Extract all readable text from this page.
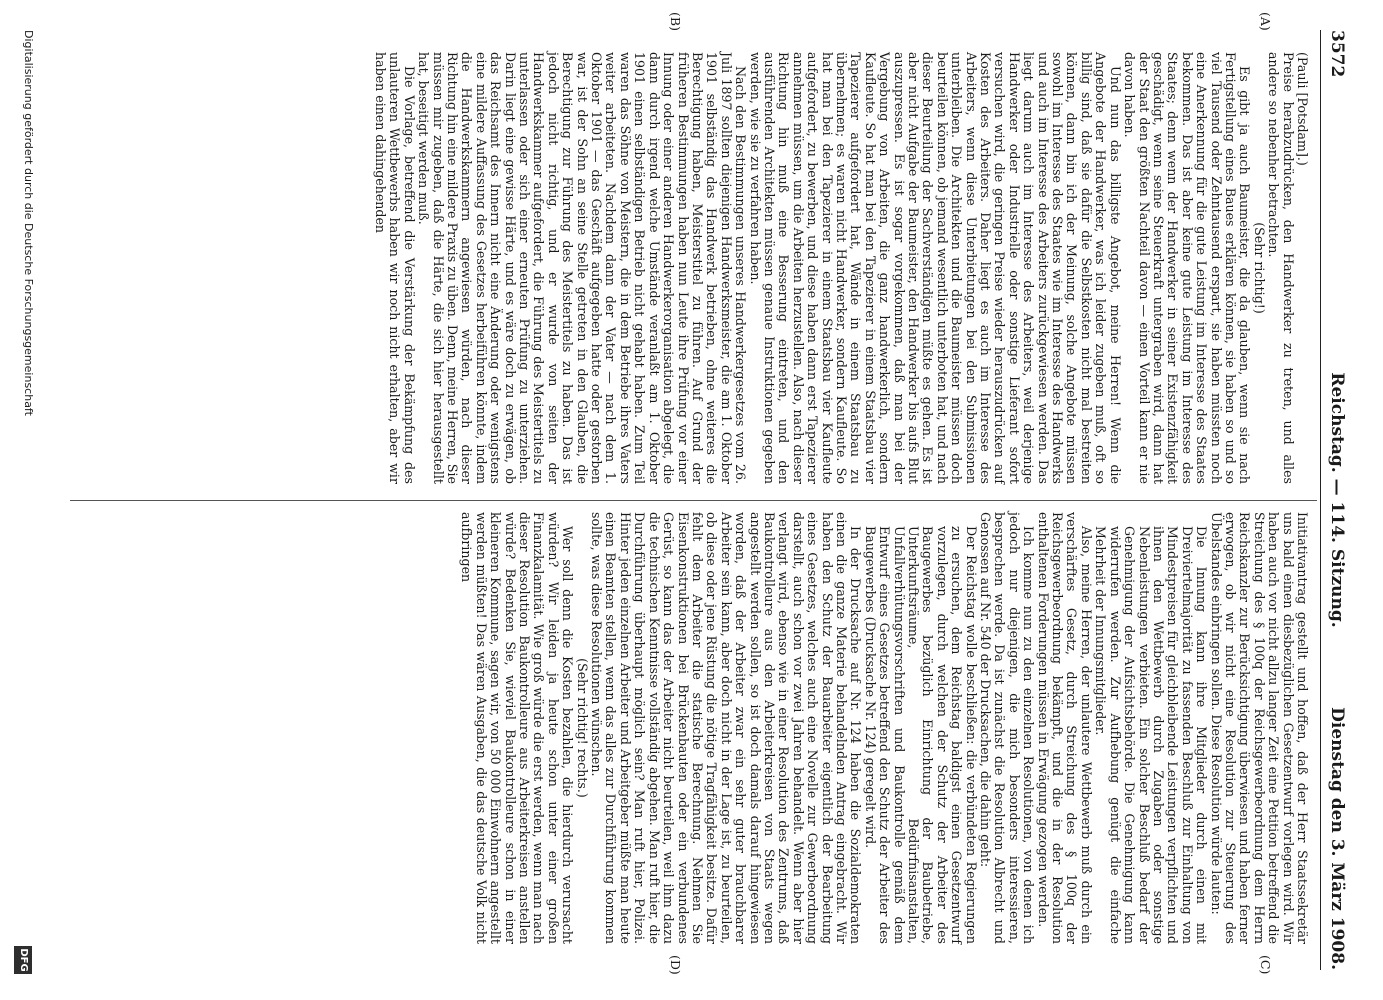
3572
Reichstag. — 114. Sitzung.
Dienstag den 3. März 1908.
(A)
(B)
(C)
(D)

(Pauli [Potsdam].)

Preise herabzudrücken, den Handwerker zu treten, und alles andere so nebenher betrachten.

(Sehr richtig!)

Es gibt ja auch Baumeister, die da glauben, wenn sie nach Fertigstellung eines Baues erklären können, sie haben so und so viel Tausend oder Zehntausend erspart, sie haben müssten noch eine Anerkennung für die gute Leistung im Interesse des Staates bekommen. Das ist aber keine gute Leistung im Interesse des Staates; denn wenn der Handwerker in seiner Existenzfähigkeit geschädigt, wenn seine Steuerkraft untergraben wird, dann hat der Staat den größten Nachteil davon — einen Vorteil kann er nie davon haben.

Und nun das billigste Angebot, meine Herren! Wenn die Angebote der Handwerker, was ich leider zugeben muß, oft so billig sind, daß sie dafür die Selbstkosten nicht mal bestreiten können, dann bin ich der Meinung, solche Angebote müssen sowohl im Interesse des Staates wie im Interesse des Handwerks und auch im Interesse des Arbeiters zurückgewiesen werden. Das liegt darum auch im Interesse des Arbeiters, weil derjenige Handwerker oder Industrielle oder sonstige Lieferant sofort versuchen wird, die geringen Preise wieder herauszudrücken auf Kosten des Arbeiters. Daher liegt es auch im Interesse des Arbeiters, wenn diese Unterbietungen bei den Submissionen unterbleiben. Die Architekten und die Baumeister müssen doch beurteilen können, ob jemand wesentlich unterboten hat, und nach dieser Beurteilung der Sachverständigen müßte es gehen. Es ist aber nicht Aufgabe der Baumeister, den Handwerker bis aufs Blut auszupressen. Es ist sogar vorgekommen, daß man bei der Vergebung von Arbeiten, die ganz handwerkerlich, sondern Kaufleute. So hat man bei den Tapezierer in einem Staatsbau vier Tapezierer aufgefordert hat, Wände in einem Staatsbau zu übernehmen; es waren nicht Handwerker, sondern Kaufleute. So hat man bei den Tapezierer in einem Staatsbau vier Kaufleute aufgefordert, zu bewerben, und diese haben dann erst Tapezierer annehmen müssen, um die Arbeiten herzustellen. Also, nach dieser Richtung hin muß eine Besserung eintreten, und den ausführenden Architekten müssen genaue Instruktionen gegeben werden, wie sie zu verfahren haben.

Nach den Bestimmungen unseres Handwerkergesetzes vom 26. Juli 1897 sollten diejenigen Handwerksmeister, die am 1. Oktober 1901 selbständig das Handwerk betrieben, ohne weiteres die Berechtigung haben, Meisterstitel zu führen. Auf Grund der früheren Bestimmungen haben nun Leute ihre Prüfung vor einer Innung oder einer anderen Handwerkerorganisation abgelegt, die dann durch irgend welche Umstände veranlaßt am 1. Oktober 1901 einen selbständigen Betrieb nicht gehabt haben. Zum Teil waren das Söhne von Meistern, die in dem Betriebe ihres Vaters weiter arbeiteten. Nachdem dann der Vater — nach dem 1. Oktober 1901 — das Geschäft aufgegeben hatte oder gestorben war, ist der Sohn an seine Stelle getreten in den Glauben, die Berechtigung zur Führung des Meistertitels zu haben. Das ist jedoch nicht richtig, und er wurde von seiten der Handwerkskammer aufgefordert, die Führung des Meistertitels zu unterlassen oder sich einer erneuten Prüfung zu unterziehen. Darin liegt eine gewisse Härte, und es wäre doch zu erwägen, ob das Reichsamt des Innern nicht eine Änderung oder wenigstens eine mildere Auffassung des Gesetzes herbeiführen könnte, indem die Handwerkskammern angewiesen würden, nach dieser Richtung hin eine mildere Praxis zu üben. Denn, meine Herren, Sie müssen mir zugeben, daß die Härte, die sich hier herausgestellt hat, beseitigt werden muß.

Die Vorlage, betreffend die Verstärkung der Bekämpfung des unlauteren Wettbewerbs haben wir noch nicht erhalten, aber wir haben einen dahingehenden

Initiativantrag gestellt und hoffen, daß der Herr Staatssekretär uns bald einen diesbezüglichen Gesetzentwurf vorlegen wird. Wir haben auch vor nicht allzu langer Zeit eine Petition betreffend die Streichung des § 100q der Reichsgewerbeordnung dem Herrn Reichskanzler zur Berücksichtigung überwiesen und haben ferner erwogen, ob wir nicht eine Resolution zur Steuerung des Übelstandes einbringen sollen. Diese Resolution würde lauten:

Die Innung kann ihre Mitglieder durch einen mit Dreiviertelmajorität zu fassenden Beschluß zur Einhaltung von Mindestpreisen für gleichbleibende Leistungen verpflichten und ihnen den Wettbewerb durch Zugaben oder sonstige Nebenleistungen verbieten. Ein solcher Beschluß bedarf der Genehmigung der Aufsichtsbehörde. Die Genehmigung kann widerrufen werden. Zur Aufhebung genügt die einfache Mehrheit der Innungsmitglieder.

Also, meine Herren, der unlautere Wettbewerb muß durch ein verschärftes Gesetz, durch Streichung des § 100q der Reichsgewerbeordnung bekämpft, und die in der Resolution enthaltenen Forderungen müssen in Erwägung gezogen werden.

Ich komme nun zu den einzelnen Resolutionen, von denen ich jedoch nur diejenigen, die mich besonders interessieren, besprechen werde. Da ist zunächst die Resolution Albrecht und Genossen auf Nr. 540 der Drucksachen, die dahin geht:

Der Reichstag wolle beschließen: die verbündeten Regierungen zu ersuchen, dem Reichstag baldigst einen Gesetzentwurf vorzulegen, durch welchen der Schutz der Arbeiter des Baugewerbes bezüglich Einrichtung der Baubetriebe, Unterkunftsräume, Bedürfnisanstalten, Unfallverhütungsvorschriften und Baukontrolle gemäß dem Entwurf eines Gesetzes betreffend den Schutz der Arbeiter des Baugewerbes (Drucksache Nr. 124) geregelt wird.

In der Drucksache auf Nr. 124 haben die Sozialdemokraten einen die ganze Materie behandelnden Antrag eingebracht. Wir haben den Schutz der Bauarbeiter eigentlich der Bearbeitung eines Gesetzes, welches auch eine Novelle zur Gewerbeordnung darstellt, auch schon vor zwei Jahren behandelt. Wenn aber hier verlangt wird, ebenso wie in einer Resolution des Zentrums, daß Baukontrolleure aus den Arbeiterkreisen von Staats wegen angestellt werden sollen, so ist doch damals darauf hingewiesen worden, daß der Arbeiter zwar ein sehr guter brauchbarer Arbeiter sein kann, aber doch nicht in der Lage ist, zu beurteilen, ob diese oder jene Rüstung die nötige Tragfähigkeit besitze. Dafür fehlt dem Arbeiter die statische Berechnung. Nehmen Sie Eisenkonstruktionen bei Brückenbauten oder ein verbundenes Gerüst, so kann das der Arbeiter nicht beurteilen, weil ihm dazu die technischen Kenntnisse vollständig abgehen. Man ruft hier, die Durchführung überhaupt möglich sein? Man ruft hier, Polizei. Hinter jeden einzelnen Arbeiter und Arbeitgeber müßte man heute einen Beamten stellen, wenn das alles zur Durchführung kommen sollte, was diese Resolutionen wünschen.

(Sehr richtig! rechts.)

Wer soll denn die Kosten bezahlen, die hierdurch verursacht würden? Wir leiden ja heute schon unter einer großen Finanzkalamität. Wie groß würde die erst werden, wenn man nach dieser Resolution Baukontrolleure aus Arbeiterkreisen anstellen würde? Bedenken Sie, wieviel Baukontrolleure schon in einer kleineren Kommune, sagen wir, von 50 000 Einwohnern angestellt werden müßten! Das wären Ausgaben, die das deutsche Volk nicht aufbringen

Digitalisierung gefördert durch die Deutsche Forschungsgemeinschaft
DFG
